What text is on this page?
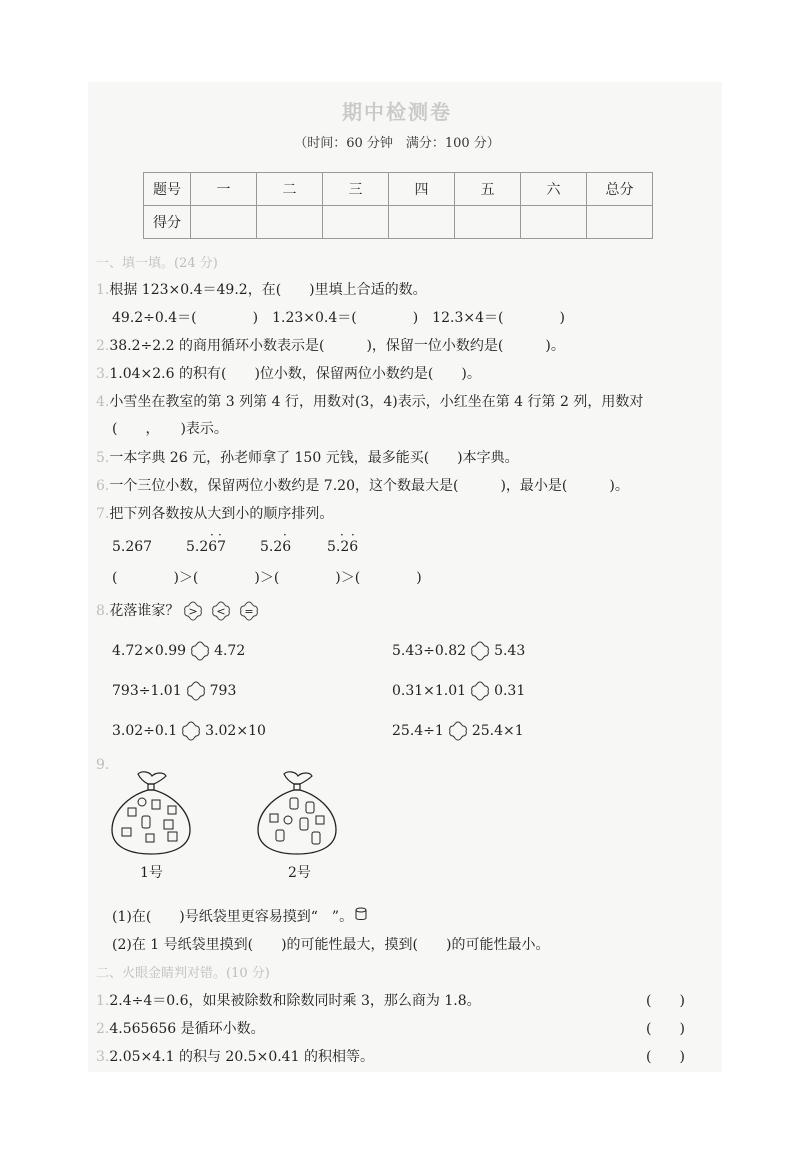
期中检测卷
（时间：60 分钟　满分：100 分）
题号	一	二	三	四	五	六	总分
得分							
一、填一填。(24 分)
1.根据 123×0.4＝49.2，在(　　)里填上合适的数。
49.2÷0.4＝(　　　　)　1.23×0.4＝(　　　　)　12.3×4＝(　　　　)
2.38.2÷2.2 的商用循环小数表示是(　　　)，保留一位小数约是(　　　)。
3.1.04×2.6 的积有(　　)位小数，保留两位小数约是(　　)。
4.小雪坐在教室的第 3 列第 4 行，用数对(3，4)表示，小红坐在第 4 行第 2 列，用数对
(　　，　　)表示。
5.一本字典 26 元，孙老师拿了 150 元钱，最多能买(　　)本字典。
6.一个三位小数，保留两位小数约是 7.20，这个数最大是(　　　)，最小是(　　　)。
7.把下列各数按从大到小的顺序排列。
· ·	·	· ·
5.267 5.267 5.26	5.26
(　　　　)＞(　　　　)＞(　　　　)＞(　　　　)
8.花落谁家？ > < =
4.72×0.99 4.72	5.43÷0.82 5.43
793÷1.01 793	0.31×1.01 0.31
3.02÷0.1 3.02×10	25.4÷1 25.4×1
9.
1号	2号
(1)在(　　)号纸袋里更容易摸到“　”。
(2)在 1 号纸袋里摸到(　　)的可能性最大，摸到(　　)的可能性最小。
二、火眼金睛判对错。(10 分)
1.2.4÷4＝0.6，如果被除数和除数同时乘 3，那么商为 1.8。	(　　)
2.4.565656 是循环小数。	(　　)
3.2.05×4.1 的积与 20.5×0.41 的积相等。	(　　)
